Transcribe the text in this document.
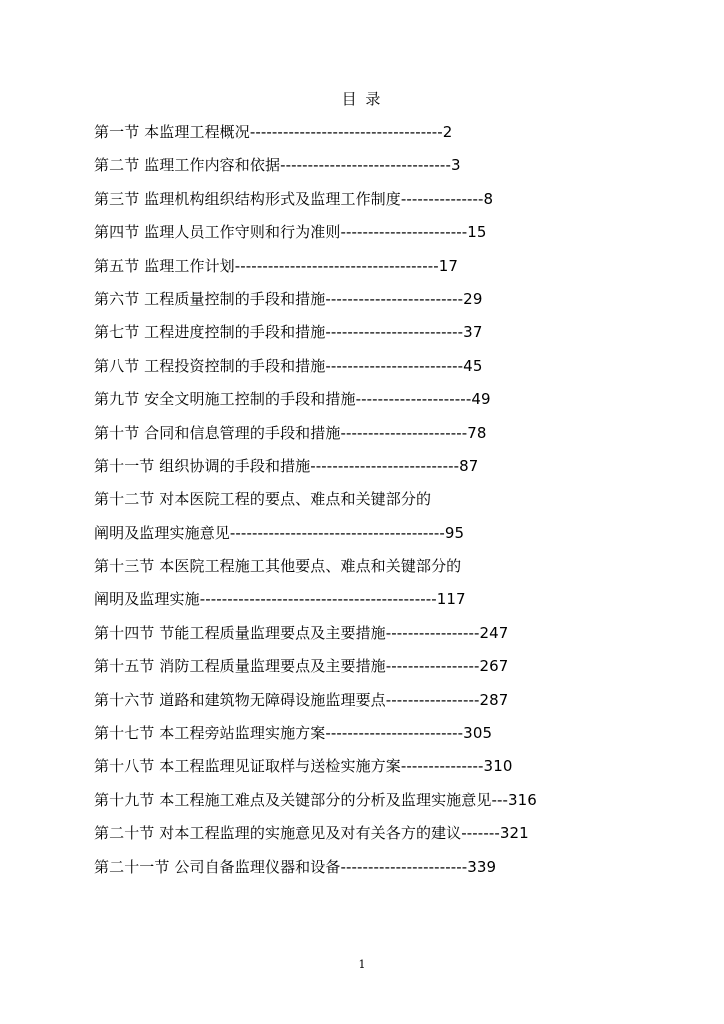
目 录
第一节 本监理工程概况-----------------------------------2
第二节 监理工作内容和依据-------------------------------3
第三节 监理机构组织结构形式及监理工作制度---------------8
第四节 监理人员工作守则和行为准则-----------------------15
第五节 监理工作计划-------------------------------------17
第六节 工程质量控制的手段和措施-------------------------29
第七节 工程进度控制的手段和措施-------------------------37
第八节 工程投资控制的手段和措施-------------------------45
第九节 安全文明施工控制的手段和措施---------------------49
第十节 合同和信息管理的手段和措施-----------------------78
第十一节 组织协调的手段和措施---------------------------87
第十二节 对本医院工程的要点、难点和关键部分的
阐明及监理实施意见---------------------------------------95
第十三节 本医院工程施工其他要点、难点和关键部分的
阐明及监理实施-------------------------------------------117
第十四节 节能工程质量监理要点及主要措施-----------------247
第十五节 消防工程质量监理要点及主要措施-----------------267
第十六节 道路和建筑物无障碍设施监理要点-----------------287
第十七节 本工程旁站监理实施方案-------------------------305
第十八节 本工程监理见证取样与送检实施方案---------------310
第十九节 本工程施工难点及关键部分的分析及监理实施意见---316
第二十节 对本工程监理的实施意见及对有关各方的建议-------321
第二十一节 公司自备监理仪器和设备-----------------------339
1
